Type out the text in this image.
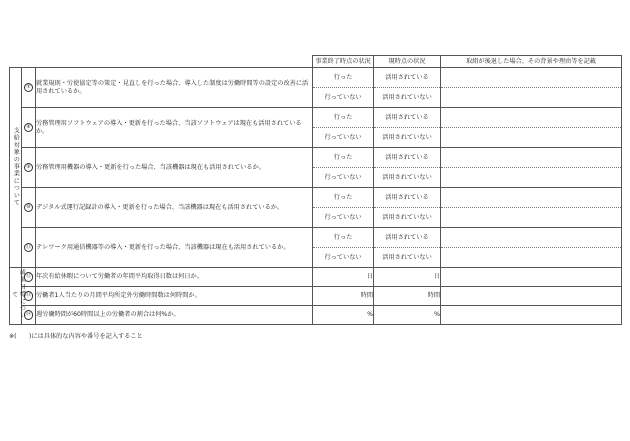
			事業終了時点の状況	現時点の状況	取組が後退した場合、その背景や理由等を記載
支給対象の事業について	⑦	就業規則・労使協定等の策定・見直しを行った場合、導入した制度は労働時間等の設定の改善に活用されているか。	行った	活用されている	
			行っていない	活用されていない	
	⑧	労務管理用ソフトウェアの導入・更新を行った場合、当該ソフトウェアは現在も活用されているか。	行った	活用されている	
			行っていない	活用されていない	
	⑨	労務管理用機器の導入・更新を行った場合、当該機器は現在も活用されているか。	行った	活用されている	
			行っていない	活用されていない	
	⑩	デジタル式運行記録計の導入・更新を行った場合、当該機器は現在も活用されているか。	行った	活用されている	
			行っていない	活用されていない	
	⑪	テレワーク用通信機器等の導入・更新を行った場合、当該機器は現在も活用されているか。	行った	活用されている	
			行っていない	活用されていない	
成果目標について	⑫	年次有給休暇について労働者の年間平均取得日数は何日か。	日	日	
	⑬	労働者1人当たりの月間平均所定外労働時間数は何時間か。	時間	時間	
	⑭	週労働時間が60時間以上の労働者の割合は何%か。	%	%	
※(　　)には具体的な内容や番号を記入すること
